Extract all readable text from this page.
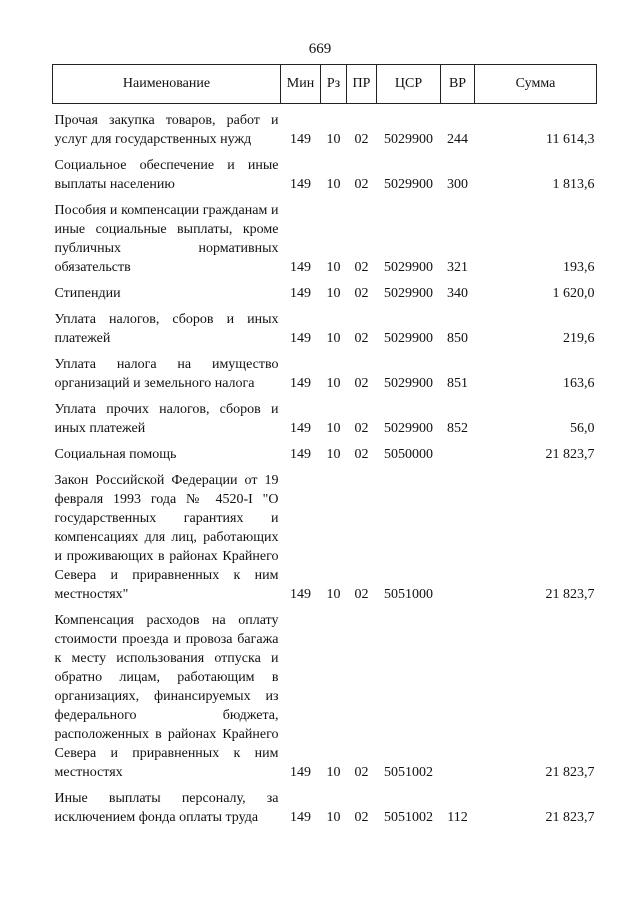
669
Наименование	Мин	Рз	ПР	ЦСР	ВР	Сумма
Прочая закупка товаров, работ и услуг для государственных нужд	149	10	02	5029900	244	11 614,3
Социальное обеспечение и иные выплаты населению	149	10	02	5029900	300	1 813,6
Пособия и компенсации гражданам и иные социальные выплаты, кроме публичных нормативных обязательств	149	10	02	5029900	321	193,6
Стипендии	149	10	02	5029900	340	1 620,0
Уплата налогов, сборов и иных платежей	149	10	02	5029900	850	219,6
Уплата налога на имущество организаций и земельного налога	149	10	02	5029900	851	163,6
Уплата прочих налогов, сборов и иных платежей	149	10	02	5029900	852	56,0
Социальная помощь	149	10	02	5050000		21 823,7
Закон Российской Федерации от 19 февраля 1993 года № 4520-I "О государственных гарантиях и компенсациях для лиц, работающих и проживающих в районах Крайнего Севера и приравненных к ним местностях"	149	10	02	5051000		21 823,7
Компенсация расходов на оплату стоимости проезда и провоза багажа к месту использования отпуска и обратно лицам, работающим в организациях, финансируемых из федерального бюджета, расположенных в районах Крайнего Севера и приравненных к ним местностях	149	10	02	5051002		21 823,7
Иные выплаты персоналу, за исключением фонда оплаты труда	149	10	02	5051002	112	21 823,7
